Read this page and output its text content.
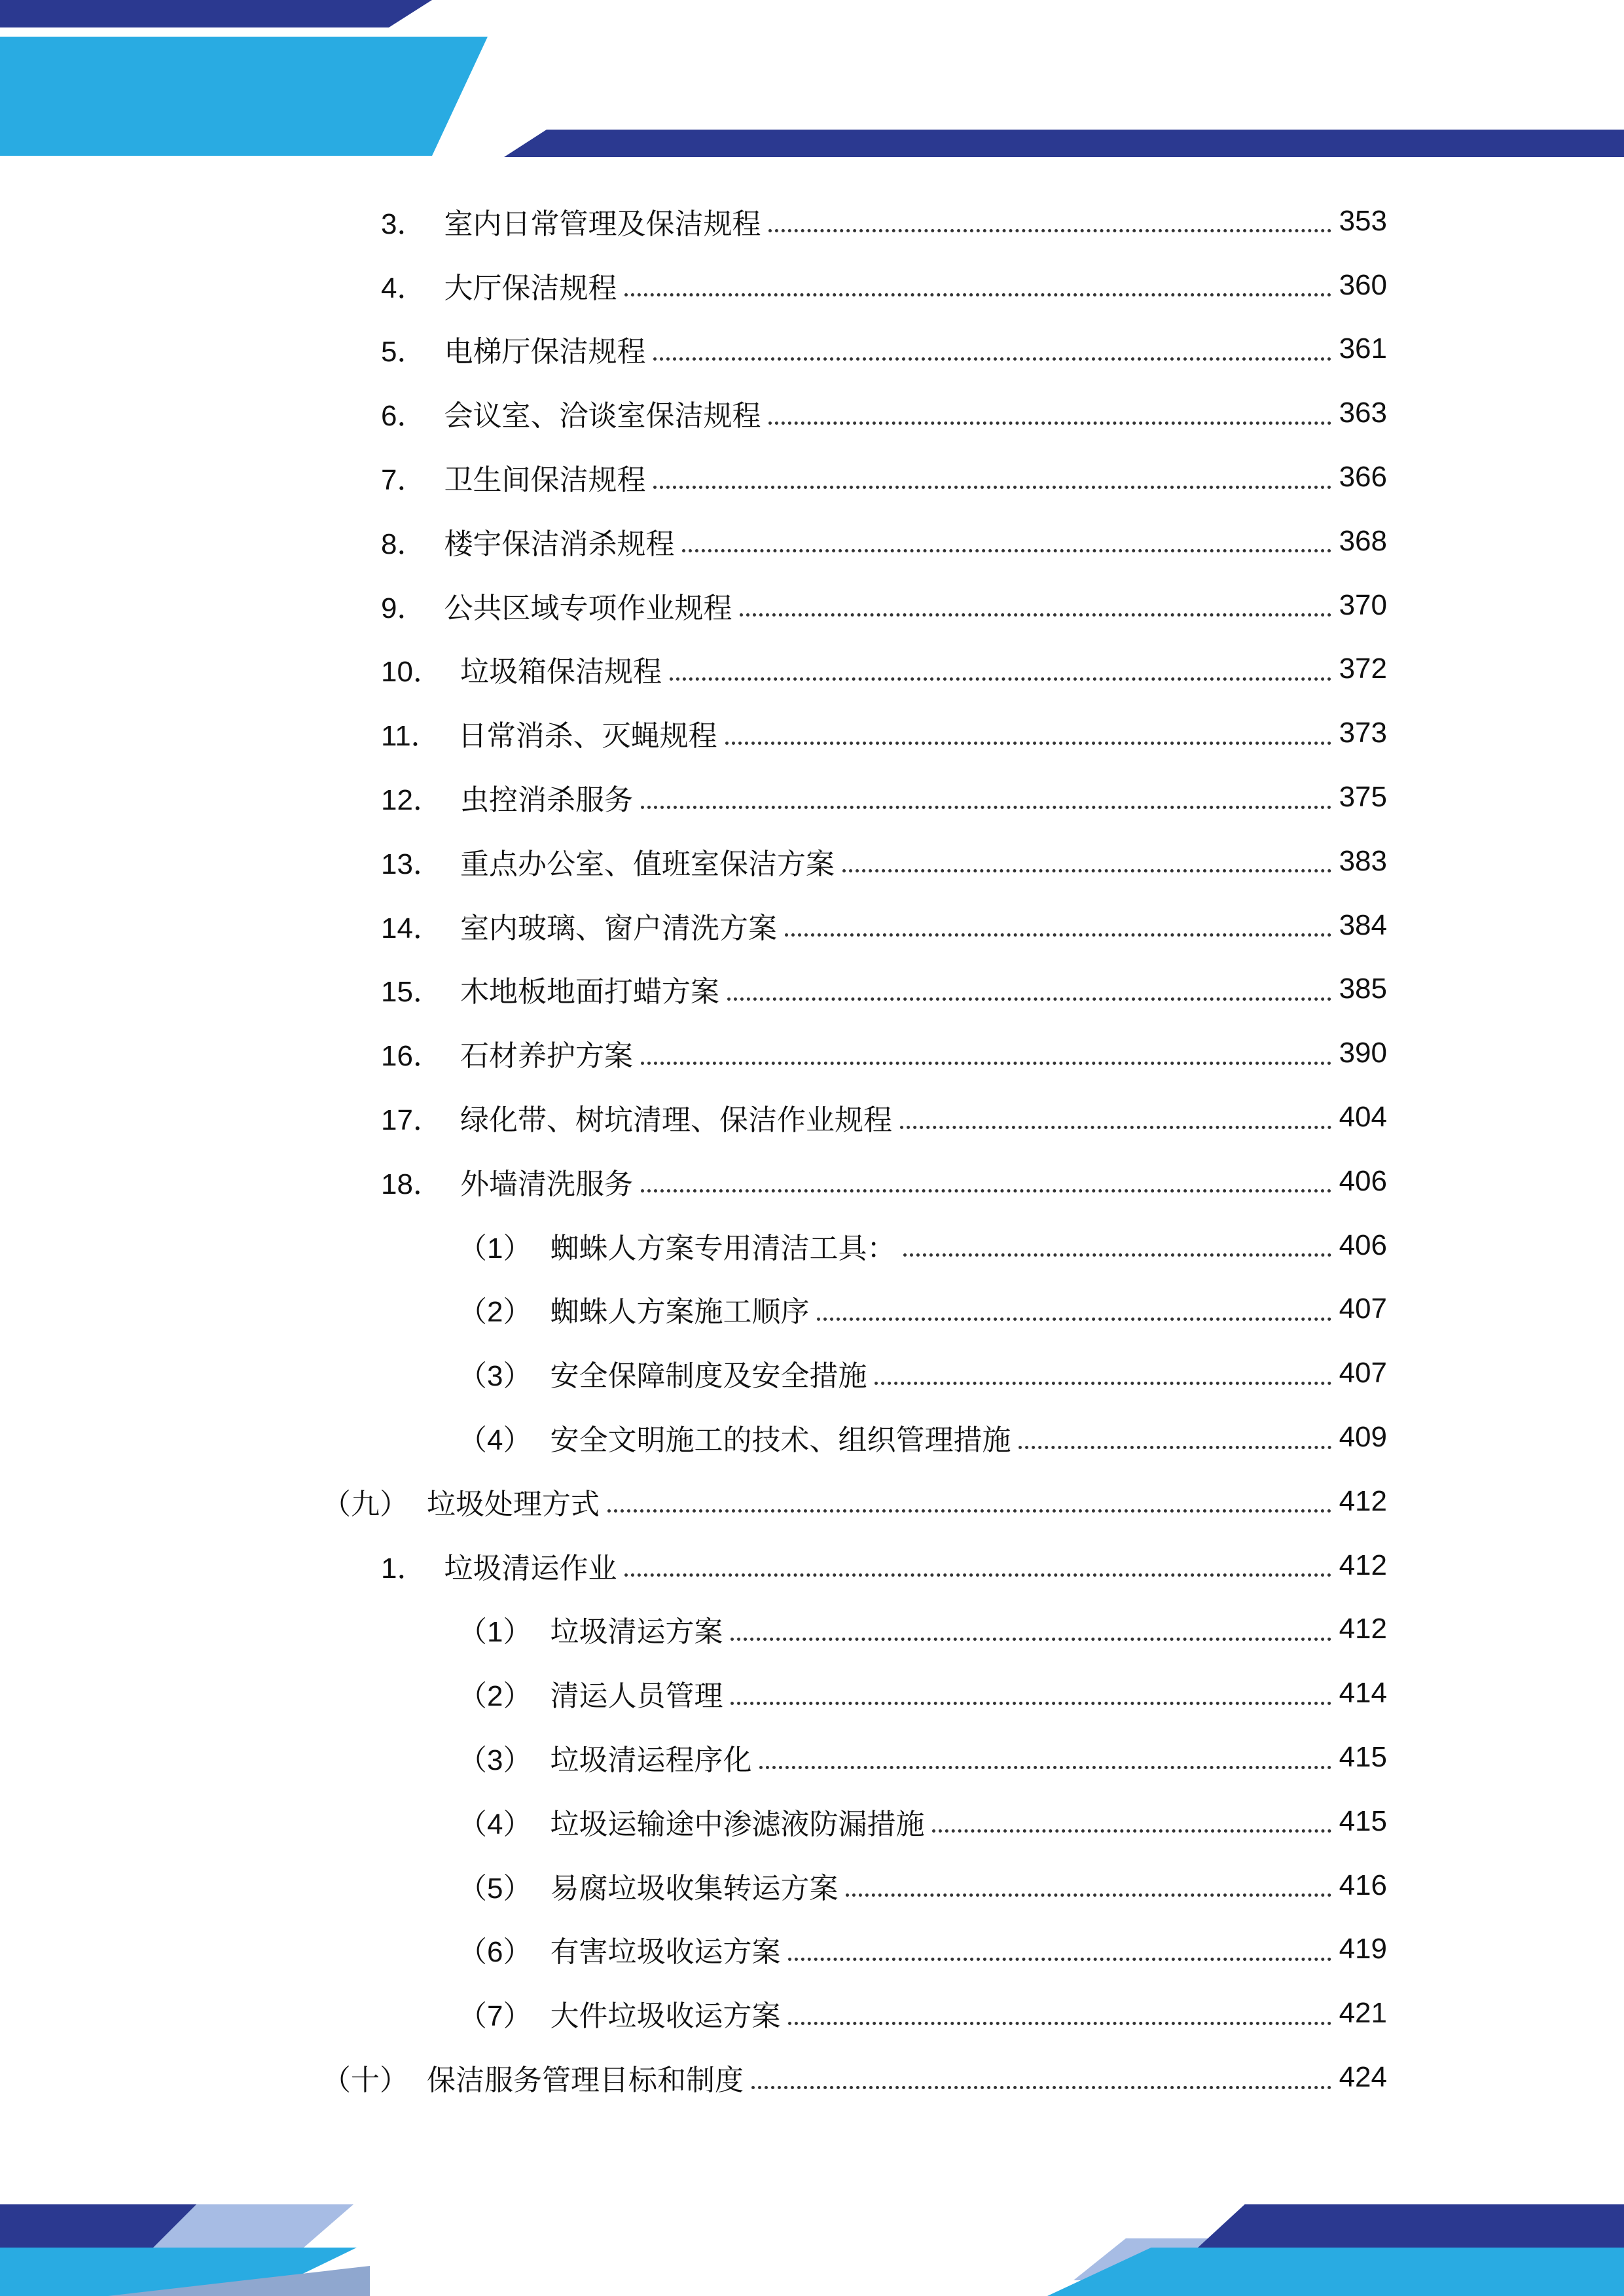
3． 室内日常管理及保洁规程	353
4． 大厅保洁规程	360
5． 电梯厅保洁规程	361
6． 会议室、洽谈室保洁规程	363
7． 卫生间保洁规程	366
8． 楼宇保洁消杀规程	368
9． 公共区域专项作业规程	370
10． 垃圾箱保洁规程	372
11． 日常消杀、灭蝇规程	373
12． 虫控消杀服务	375
13． 重点办公室、值班室保洁方案	383
14． 室内玻璃、窗户清洗方案	384
15． 木地板地面打蜡方案	385
16． 石材养护方案	390
17． 绿化带、树坑清理、保洁作业规程	404
18． 外墙清洗服务	406
（1） 蜘蛛人方案专用清洁工具：	406
（2） 蜘蛛人方案施工顺序	407
（3） 安全保障制度及安全措施	407
（4） 安全文明施工的技术、组织管理措施	409
（九） 垃圾处理方式	412
1． 垃圾清运作业	412
（1） 垃圾清运方案	412
（2） 清运人员管理	414
（3） 垃圾清运程序化	415
（4） 垃圾运输途中渗滤液防漏措施	415
（5） 易腐垃圾收集转运方案	416
（6） 有害垃圾收运方案	419
（7） 大件垃圾收运方案	421
（十） 保洁服务管理目标和制度	424
